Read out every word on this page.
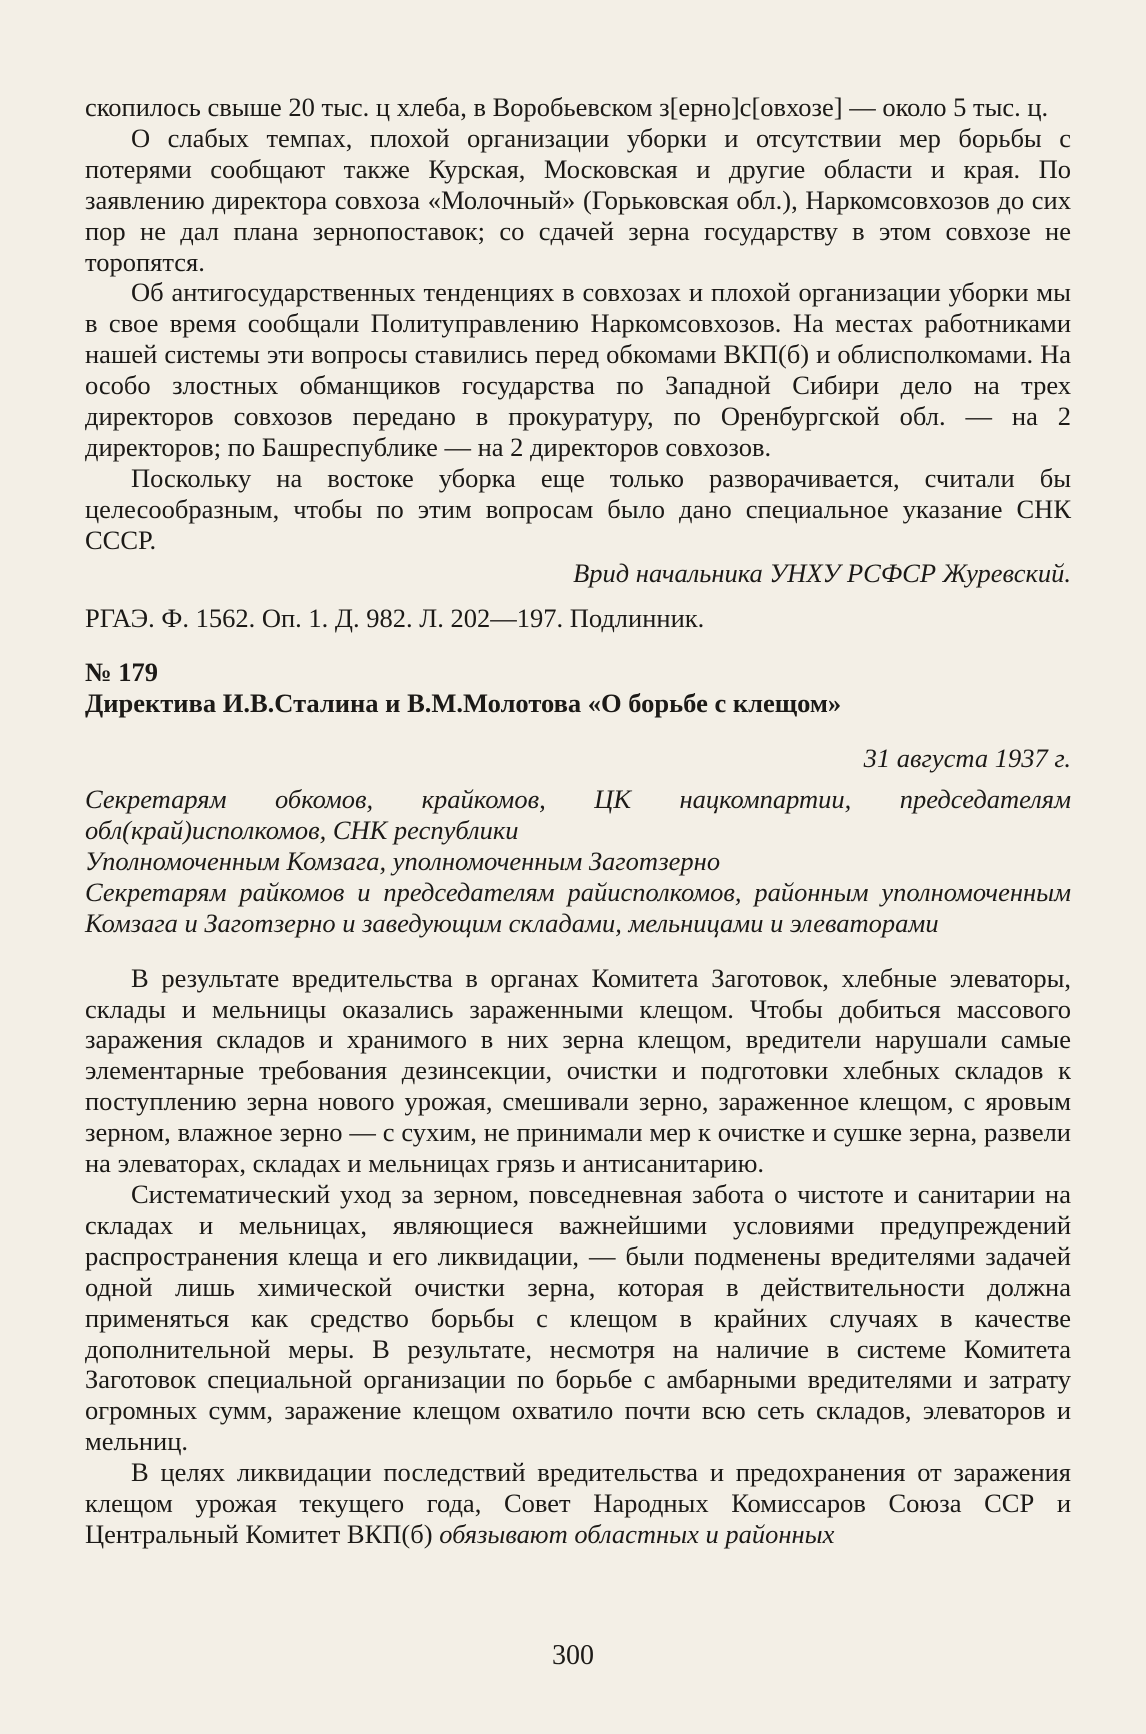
скопилось свыше 20 тыс. ц хлеба, в Воробьевском з[ерно]с[овхозе] — около 5 тыс. ц.

О слабых темпах, плохой организации уборки и отсутствии мер борьбы с потерями сообщают также Курская, Московская и другие области и края. По заявлению директора совхоза «Молочный» (Горьковская обл.), Наркомсовхозов до сих пор не дал плана зернопоставок; со сдачей зерна государству в этом совхозе не торопятся.

Об антигосударственных тенденциях в совхозах и плохой организации уборки мы в свое время сообщали Политуправлению Наркомсовхозов. На местах работниками нашей системы эти вопросы ставились перед обкомами ВКП(б) и облисполкомами. На особо злостных обманщиков государства по Западной Сибири дело на трех директоров совхозов передано в прокуратуру, по Оренбургской обл. — на 2 директоров; по Башреспублике — на 2 директоров совхозов.

Поскольку на востоке уборка еще только разворачивается, считали бы целесообразным, чтобы по этим вопросам было дано специальное указание СНК СССР.

Врид начальника УНХУ РСФСР Журевский.

РГАЭ. Ф. 1562. Оп. 1. Д. 982. Л. 202—197. Подлинник.

№ 179

Директива И.В.Сталина и В.М.Молотова «О борьбе с клещом»

31 августа 1937 г.

Секретарям обкомов, крайкомов, ЦК нацкомпартии, председателям обл(край)исполкомов, СНК республики

Уполномоченным Комзага, уполномоченным Заготзерно

Секретарям райкомов и председателям райисполкомов, районным уполномоченным Комзага и Заготзерно и заведующим складами, мельницами и элеваторами

В результате вредительства в органах Комитета Заготовок, хлебные элеваторы, склады и мельницы оказались зараженными клещом. Чтобы добиться массового заражения складов и хранимого в них зерна клещом, вредители нарушали самые элементарные требования дезинсекции, очистки и подготовки хлебных складов к поступлению зерна нового урожая, смешивали зерно, зараженное клещом, с яровым зерном, влажное зерно — с сухим, не принимали мер к очистке и сушке зерна, развели на элеваторах, складах и мельницах грязь и антисанитарию.

Систематический уход за зерном, повседневная забота о чистоте и санитарии на складах и мельницах, являющиеся важнейшими условиями предупреждений распространения клеща и его ликвидации, — были подменены вредителями задачей одной лишь химической очистки зерна, которая в действительности должна применяться как средство борьбы с клещом в крайних случаях в качестве дополнительной меры. В результате, несмотря на наличие в системе Комитета Заготовок специальной организации по борьбе с амбарными вредителями и затрату огромных сумм, заражение клещом охватило почти всю сеть складов, элеваторов и мельниц.

В целях ликвидации последствий вредительства и предохранения от заражения клещом урожая текущего года, Совет Народных Комиссаров Союза ССР и Центральный Комитет ВКП(б) обязывают областных и районных

300
